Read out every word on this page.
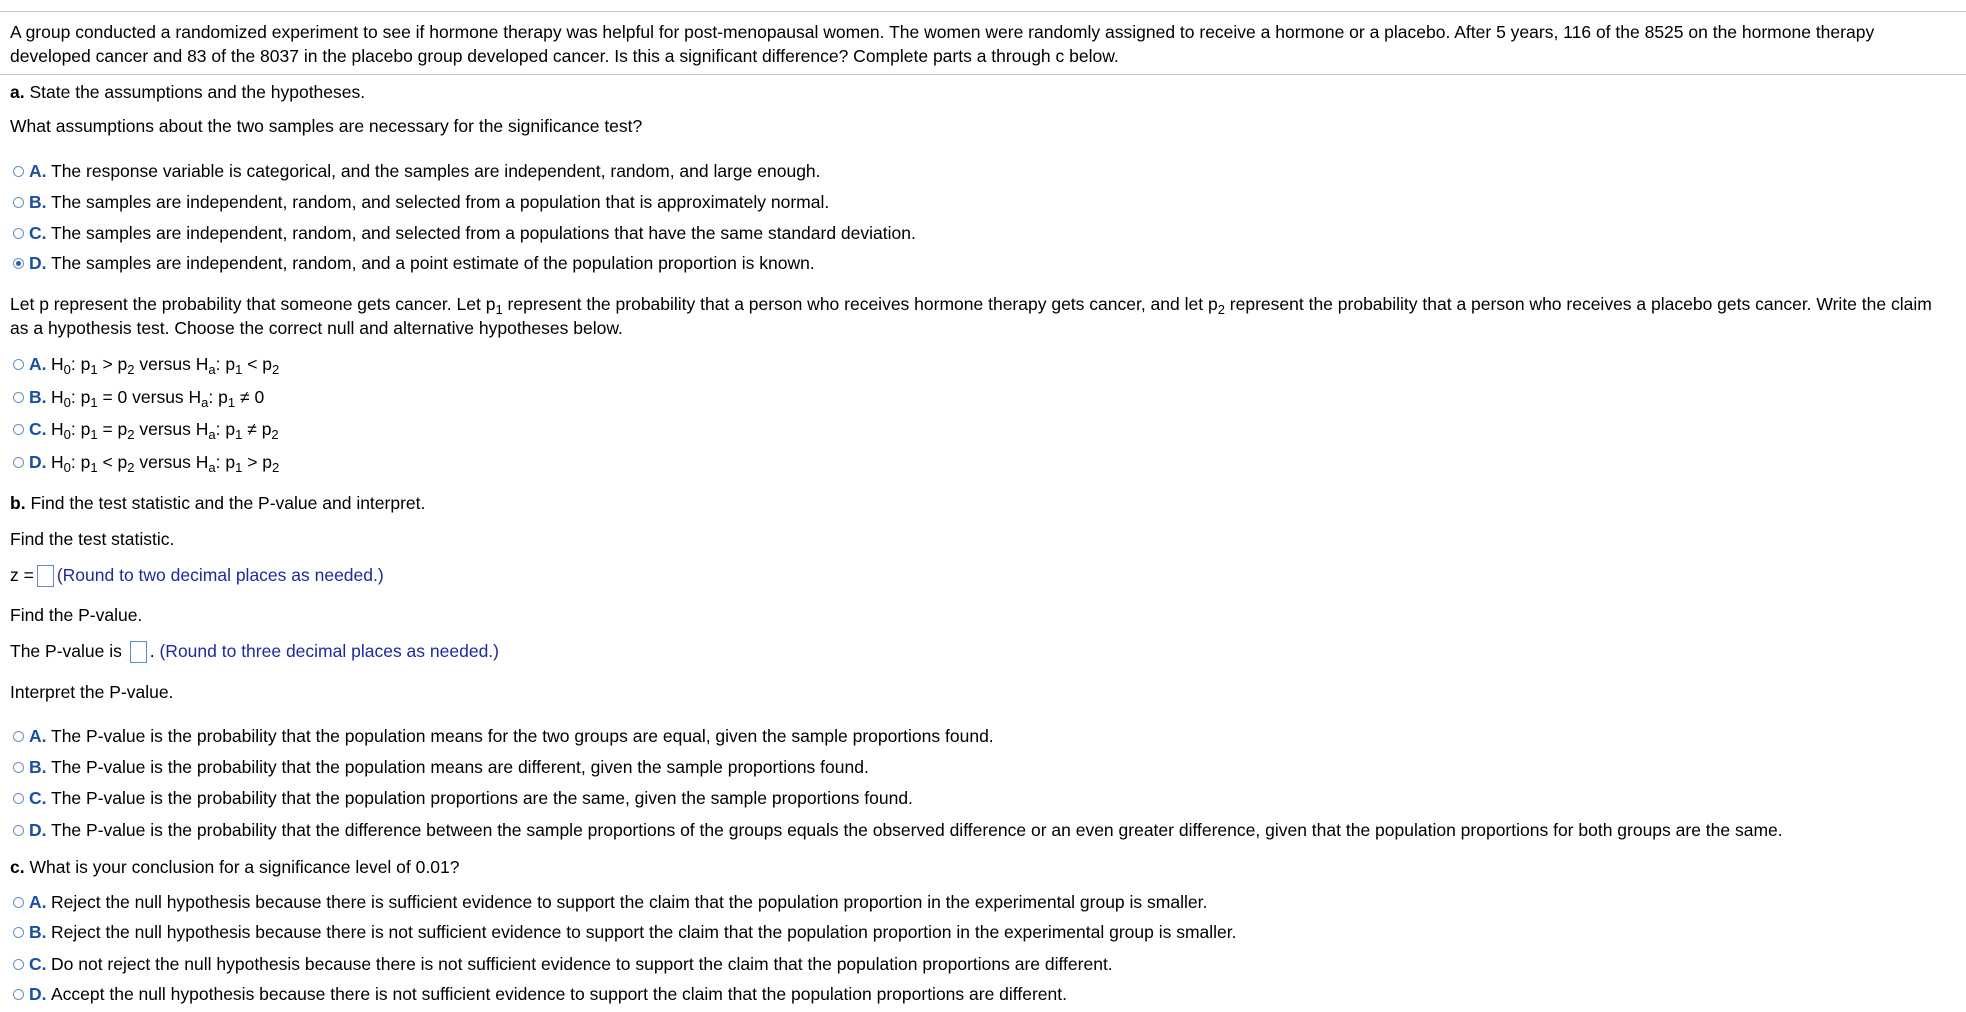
A group conducted a randomized experiment to see if hormone therapy was helpful for post-menopausal women. The women were randomly assigned to receive a hormone or a placebo. After 5 years, 116 of the 8525 on the hormone therapy developed cancer and 83 of the 8037 in the placebo group developed cancer. Is this a significant difference? Complete parts a through c below.
a. State the assumptions and the hypotheses.
What assumptions about the two samples are necessary for the significance test?
A. The response variable is categorical, and the samples are independent, random, and large enough.
B. The samples are independent, random, and selected from a population that is approximately normal.
C. The samples are independent, random, and selected from a populations that have the same standard deviation.
D. The samples are independent, random, and a point estimate of the population proportion is known.
Let p represent the probability that someone gets cancer. Let $p_1$ represent the probability that a person who receives hormone therapy gets cancer, and let $p_2$ represent the probability that a person who receives a placebo gets cancer. Write the claim as a hypothesis test. Choose the correct null and alternative hypotheses below.
A. $H_0$: $p_1 > p_2$ versus $H_a$: $p_1 < p_2$
B. $H_0$: $p_1 = 0$ versus $H_a$: $p_1 \ne 0$
C. $H_0$: $p_1 = p_2$ versus $H_a$: $p_1 \ne p_2$
D. $H_0$: $p_1 < p_2$ versus $H_a$: $p_1 > p_2$
b. Find the test statistic and the P-value and interpret.
Find the test statistic.
z = (Round to two decimal places as needed.)
Find the P-value.
The P-value is . (Round to three decimal places as needed.)
Interpret the P-value.
A. The P-value is the probability that the population means for the two groups are equal, given the sample proportions found.
B. The P-value is the probability that the population means are different, given the sample proportions found.
C. The P-value is the probability that the population proportions are the same, given the sample proportions found.
D. The P-value is the probability that the difference between the sample proportions of the groups equals the observed difference or an even greater difference, given that the population proportions for both groups are the same.
c. What is your conclusion for a significance level of 0.01?
A. Reject the null hypothesis because there is sufficient evidence to support the claim that the population proportion in the experimental group is smaller.
B. Reject the null hypothesis because there is not sufficient evidence to support the claim that the population proportion in the experimental group is smaller.
C. Do not reject the null hypothesis because there is not sufficient evidence to support the claim that the population proportions are different.
D. Accept the null hypothesis because there is not sufficient evidence to support the claim that the population proportions are different.
